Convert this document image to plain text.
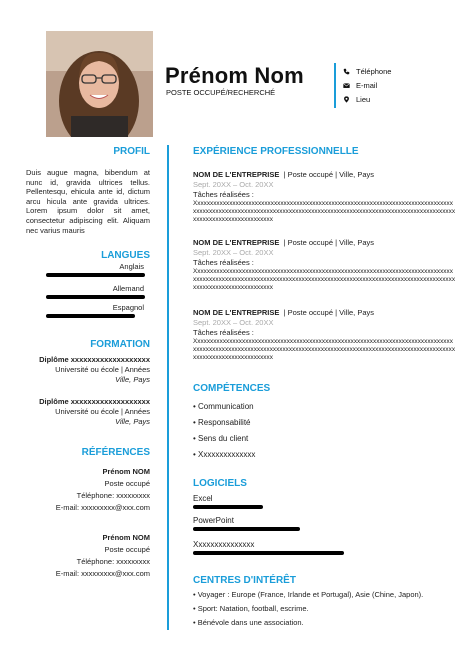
Prénom Nom
POSTE OCCUPÉ/RECHERCHÉ
Téléphone
E-mail
Lieu
PROFIL
Duis augue magna, bibendum at nunc id, gravida ultrices tellus. Pellentesqu, ehicula ante id, dictum arcu hicula ante gravida ultrices. Lorem ipsum dolor sit amet, consectetur adipiscing elit. Aliquam nec varius mauris
LANGUES
Anglais
Allemand
Espagnol
FORMATION
Diplôme xxxxxxxxxxxxxxxxxxx
Université ou école | Années
Ville, Pays
Diplôme xxxxxxxxxxxxxxxxxxx
Université ou école | Années
Ville, Pays
RÉFÉRENCES
Prénom NOM
Poste occupé
Téléphone: xxxxxxxxx
E-mail: xxxxxxxxx@xxx.com
Prénom NOM
Poste occupé
Téléphone: xxxxxxxxx
E-mail: xxxxxxxxx@xxx.com
EXPÉRIENCE PROFESSIONNELLE
NOM DE L'ENTREPRISE | Poste occupé | Ville, Pays
Sept. 20XX – Oct. 20XX
Tâches réalisées :
Xxxxxxxxxxxxxxxxxxxxxxxxxxxxxxxxxxxxxxxxxxxxxxxxxxxxxxxxxxxxxxxxxxxxxxxxxxxxxxxxxxxxxxxxxxxxxxxxxxxxxxxxxxxxxxxxxxxxxxxxxxxxxxxxxxxxxxxxxxxxxxxxxxxxxxxxxxxxxxxxxxxxxxxxxxxxxxxxxxxxxxxxxxxx
NOM DE L'ENTREPRISE | Poste occupé | Ville, Pays
Sept. 20XX – Oct. 20XX
Tâches réalisées :
Xxxxxxxxxxxxxxxxxxxxxxxxxxxxxxxxxxxxxxxxxxxxxxxxxxxxxxxxxxxxxxxxxxxxxxxxxxxxxxxxxxxxxxxxxxxxxxxxxxxxxxxxxxxxxxxxxxxxxxxxxxxxxxxxxxxxxxxxxxxxxxxxxxxxxxxxxxxxxxxxxxxxxxxxxxxxxxxxxxxxxxxxxxxx
NOM DE L'ENTREPRISE | Poste occupé | Ville, Pays
Sept. 20XX – Oct. 20XX
Tâches réalisées :
Xxxxxxxxxxxxxxxxxxxxxxxxxxxxxxxxxxxxxxxxxxxxxxxxxxxxxxxxxxxxxxxxxxxxxxxxxxxxxxxxxxxxxxxxxxxxxxxxxxxxxxxxxxxxxxxxxxxxxxxxxxxxxxxxxxxxxxxxxxxxxxxxxxxxxxxxxxxxxxxxxxxxxxxxxxxxxxxxxxxxxxxxxxxx
COMPÉTENCES
• Communication
• Responsabilité
• Sens du client
• Xxxxxxxxxxxxxx
LOGICIELS
Excel
PowerPoint
Xxxxxxxxxxxxxxx
CENTRES D'INTÉRÊT
• Voyager : Europe (France, Irlande et Portugal), Asie (Chine, Japon).
• Sport: Natation, football, escrime.
• Bénévole dans une association.
